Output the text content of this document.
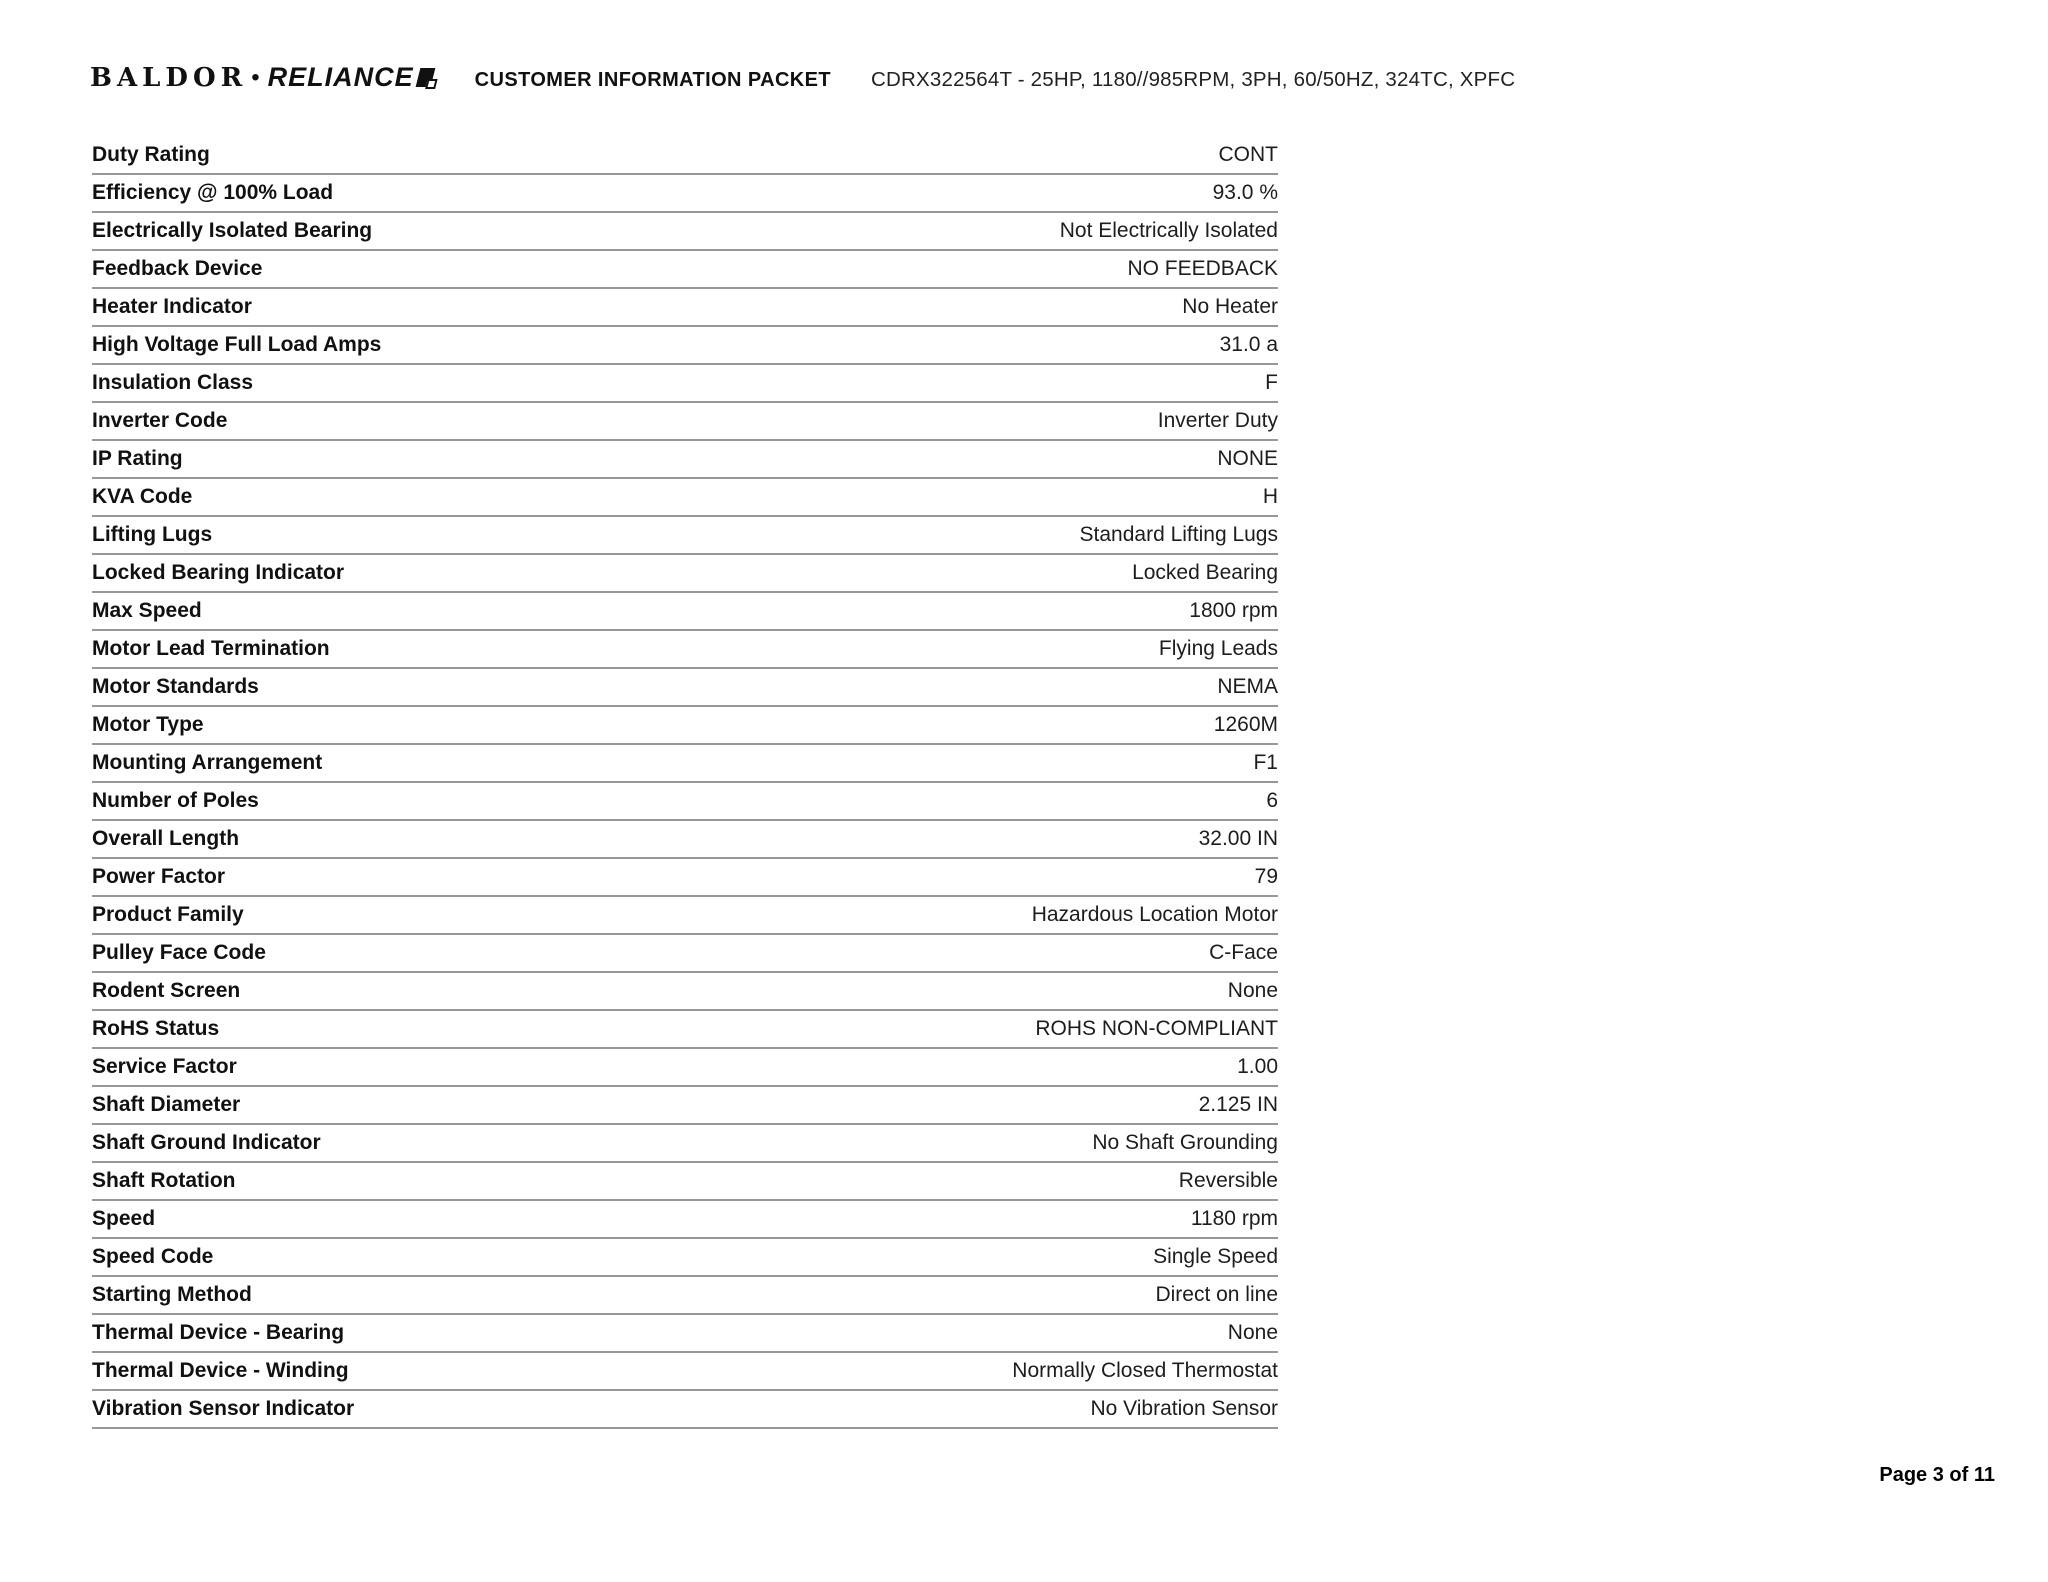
BALDOR • RELIANCE	CUSTOMER INFORMATION PACKET CDRX322564T - 25HP, 1180//985RPM, 3PH, 60/50HZ, 324TC, XPFC
Duty Rating	CONT
Efficiency @ 100% Load	93.0 %
Electrically Isolated Bearing	Not Electrically Isolated
Feedback Device	NO FEEDBACK
Heater Indicator	No Heater
High Voltage Full Load Amps	31.0 a
Insulation Class	F
Inverter Code	Inverter Duty
IP Rating	NONE
KVA Code	H
Lifting Lugs	Standard Lifting Lugs
Locked Bearing Indicator	Locked Bearing
Max Speed	1800 rpm
Motor Lead Termination	Flying Leads
Motor Standards	NEMA
Motor Type	1260M
Mounting Arrangement	F1
Number of Poles	6
Overall Length	32.00 IN
Power Factor	79
Product Family	Hazardous Location Motor
Pulley Face Code	C-Face
Rodent Screen	None
RoHS Status	ROHS NON-COMPLIANT
Service Factor	1.00
Shaft Diameter	2.125 IN
Shaft Ground Indicator	No Shaft Grounding
Shaft Rotation	Reversible
Speed	1180 rpm
Speed Code	Single Speed
Starting Method	Direct on line
Thermal Device - Bearing	None
Thermal Device - Winding	Normally Closed Thermostat
Vibration Sensor Indicator	No Vibration Sensor
Page 3 of 11
